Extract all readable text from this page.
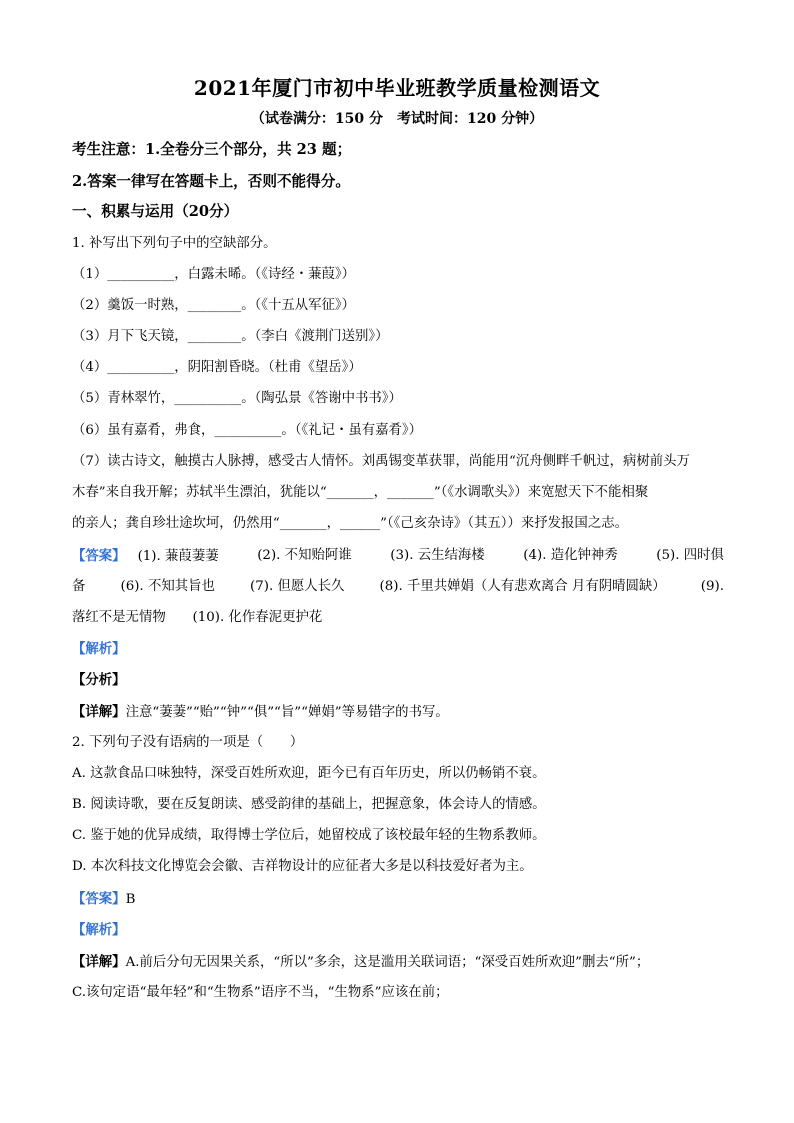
2021年厦门市初中毕业班教学质量检测语文
（试卷满分：150 分　考试时间：120 分钟）
考生注意：1.全卷分三个部分，共 23 题；
2.答案一律写在答题卡上，否则不能得分。
一、积累与运用（20分）
1. 补写出下列句子中的空缺部分。
（1）__________，白露未晞。（《诗经・蒹葭》）
（2）羹饭一时熟，________。（《十五从军征》）
（3）月下飞天镜，________。（李白《渡荆门送别》）
（4）__________，阴阳割昏晓。（杜甫《望岳》）
（5）青林翠竹，__________。（陶弘景《答谢中书书》）
（6）虽有嘉肴，弗食，__________。（《礼记・虽有嘉肴》）
（7）读古诗文，触摸古人脉搏，感受古人情怀。刘禹锡变革获罪，尚能用“沉舟侧畔千帆过，病树前头万
木春”来自我开解；苏轼半生漂泊，犹能以“_______，_______”（《水调歌头》）来宽慰天下不能相聚
的亲人；龚自珍壮途坎坷，仍然用“_______，______”（《己亥杂诗》（其五））来抒发报国之志。
【答案】 (1). 蒹葭萋萋	(2). 不知贻阿谁	(3). 云生结海楼	(4). 造化钟神秀	(5). 四时俱
备	(6). 不知其旨也	(7). 但愿人长久	(8). 千里共婵娟（人有悲欢离合 月有阴晴圆缺）	(9).
落红不是无情物　　(10). 化作春泥更护花
【解析】
【分析】
【详解】注意“萋萋”“贻”“钟”“俱”“旨”“婵娟”等易错字的书写。
2. 下列句子没有语病的一项是（　　）
A. 这款食品口味独特，深受百姓所欢迎，距今已有百年历史，所以仍畅销不衰。
B. 阅读诗歌，要在反复朗读、感受韵律的基础上，把握意象，体会诗人的情感。
C. 鉴于她的优异成绩，取得博士学位后，她留校成了该校最年轻的生物系教师。
D. 本次科技文化博览会会徽、吉祥物设计的应征者大多是以科技爱好者为主。
【答案】B
【解析】
【详解】A.前后分句无因果关系，“所以”多余，这是滥用关联词语；“深受百姓所欢迎”删去“所”；
C.该句定语“最年轻”和“生物系”语序不当，“生物系”应该在前；
